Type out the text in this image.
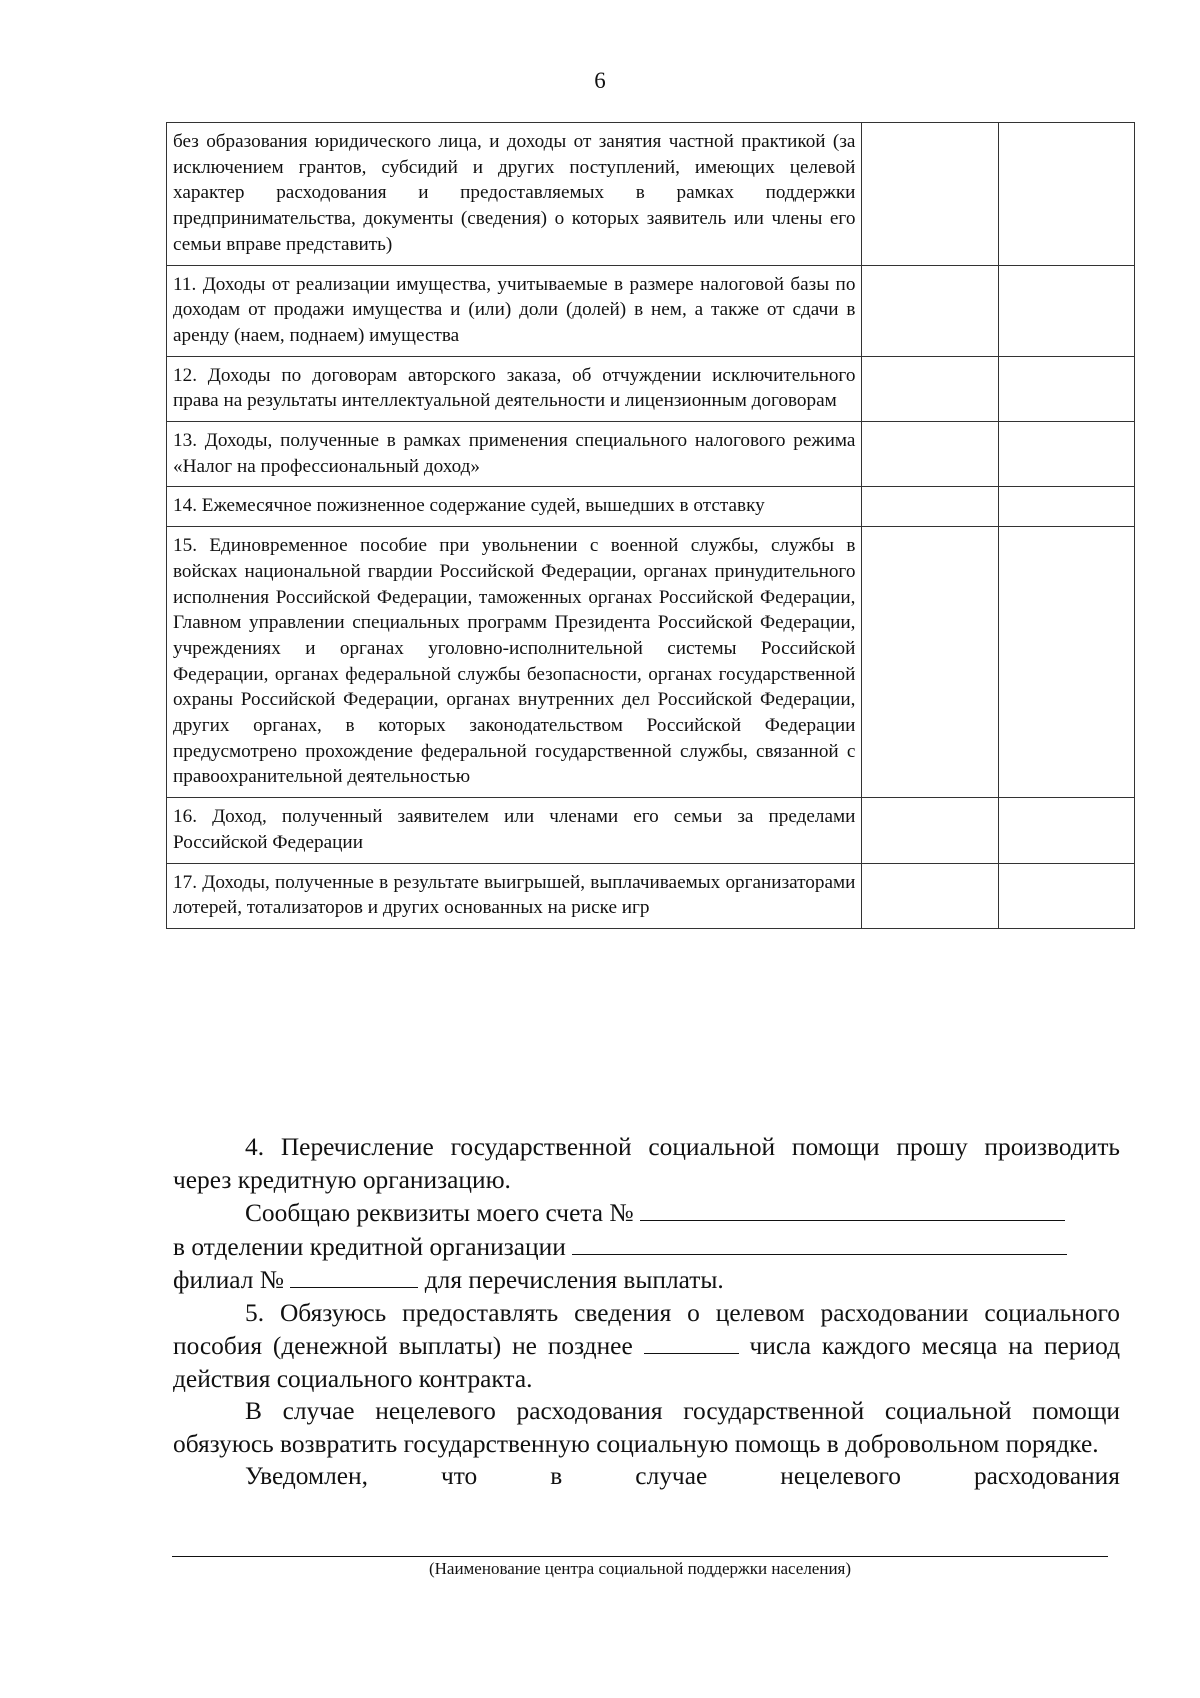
6
без образования юридического лица, и доходы от занятия частной практикой (за исключением грантов, субсидий и других поступлений, имеющих целевой характер расходования и предоставляемых в рамках поддержки предпринимательства, документы (сведения) о которых заявитель или члены его семьи вправе представить)		
11. Доходы от реализации имущества, учитываемые в размере налоговой базы по доходам от продажи имущества и (или) доли (долей) в нем, а также от сдачи в аренду (наем, поднаем) имущества		
12. Доходы по договорам авторского заказа, об отчуждении исключительного права на результаты интеллектуальной деятельности и лицензионным договорам		
13. Доходы, полученные в рамках применения специального налогового режима «Налог на профессиональный доход»		
14. Ежемесячное пожизненное содержание судей, вышедших в отставку		
15. Единовременное пособие при увольнении с военной службы, службы в войсках национальной гвардии Российской Федерации, органах принудительного исполнения Российской Федерации, таможенных органах Российской Федерации, Главном управлении специальных программ Президента Российской Федерации, учреждениях и органах уголовно-исполнительной системы Российской Федерации, органах федеральной службы безопасности, органах государственной охраны Российской Федерации, органах внутренних дел Российской Федерации, других органах, в которых законодательством Российской Федерации предусмотрено прохождение федеральной государственной службы, связанной с правоохранительной деятельностью		
16. Доход, полученный заявителем или членами его семьи за пределами Российской Федерации		
17. Доходы, полученные в результате выигрышей, выплачиваемых организаторами лотерей, тотализаторов и других основанных на риске игр		

4. Перечисление государственной социальной помощи прошу производить через кредитную организацию.

Сообщаю реквизиты моего счета №

в отделении кредитной организации

филиал №	для перечисления выплаты.

5. Обязуюсь предоставлять сведения о целевом расходовании социального пособия (денежной выплаты) не позднее	числа каждого месяца на период действия социального контракта.

В случае нецелевого расходования государственной социальной помощи обязуюсь возвратить государственную социальную помощь в добровольном порядке.

Уведомлен,	что	в	случае	нецелевого	расходования

(Наименование центра социальной поддержки населения)
